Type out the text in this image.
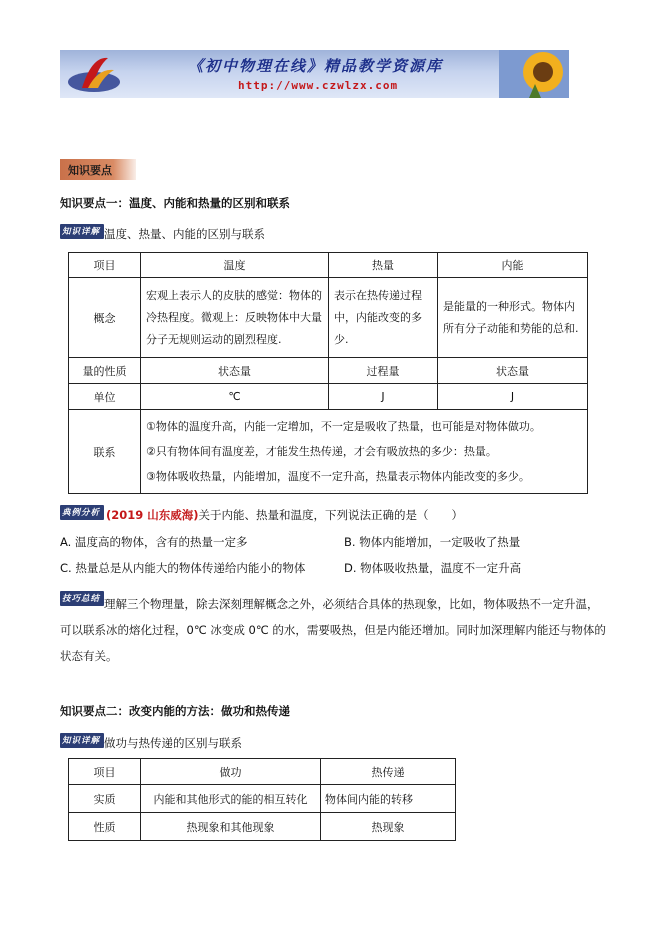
《初中物理在线》精品教学资源库
http://www.czwlzx.com
知识要点
知识要点一：温度、内能和热量的区别和联系
知识详解 温度、热量、内能的区别与联系
项目	温度	热量	内能
概念	宏观上表示人的皮肤的感觉：物体的冷热程度。微观上：反映物体中大量分子无规则运动的剧烈程度.	表示在热传递过程中，内能改变的多少.	是能量的一种形式。物体内所有分子动能和势能的总和.
量的性质	状态量	过程量	状态量
单位	℃	J	J
联系	①物体的温度升高，内能一定增加，不一定是吸收了热量，也可能是对物体做功。
②只有物体间有温度差，才能发生热传递，才会有吸放热的多少：热量。
③物体吸收热量，内能增加，温度不一定升高，热量表示物体内能改变的多少。		
典例分析 (2019 山东威海)关于内能、热量和温度，下列说法正确的是（　　）
A. 温度高的物体，含有的热量一定多	B. 物体内能增加，一定吸收了热量
C. 热量总是从内能大的物体传递给内能小的物体	D. 物体吸收热量，温度不一定升高
技巧总结 理解三个物理量，除去深刻理解概念之外，必须结合具体的热现象，比如，物体吸热不一定升温，
可以联系冰的熔化过程，0℃ 冰变成 0℃ 的水，需要吸热，但是内能还增加。同时加深理解内能还与物体的
状态有关。
知识要点二：改变内能的方法：做功和热传递
知识详解 做功与热传递的区别与联系
项目	做功	热传递
实质	内能和其他形式的能的相互转化	物体间内能的转移
性质	热现象和其他现象	热现象
